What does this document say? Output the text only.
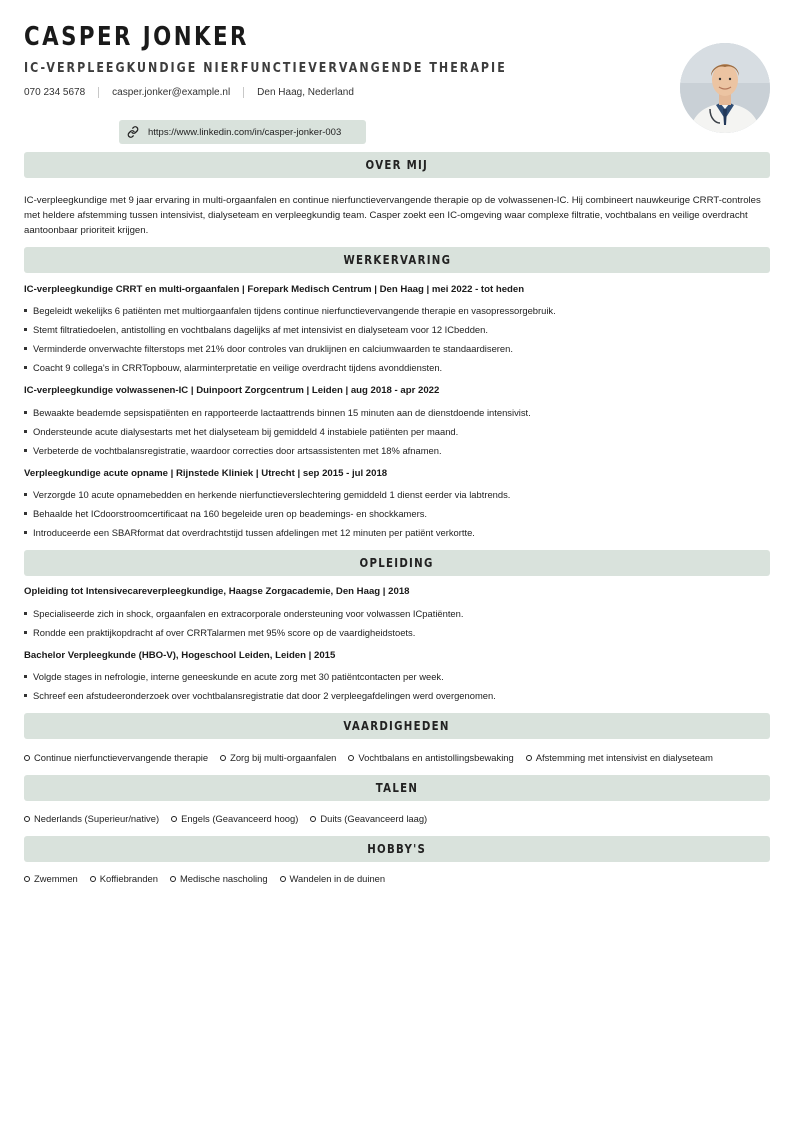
CASPER JONKER
IC-VERPLEEGKUNDIGE NIERFUNCTIEVERVANGENDE THERAPIE
070 234 5678	casper.jonker@example.nl	Den Haag, Nederland
https://www.linkedin.com/in/casper-jonker-003
OVER MIJ
IC-verpleegkundige met 9 jaar ervaring in multi-orgaanfalen en continue nierfunctievervangende therapie op de volwassenen-IC. Hij combineert nauwkeurige CRRT-controles met heldere afstemming tussen intensivist, dialyseteam en verpleegkundig team. Casper zoekt een IC-omgeving waar complexe filtratie, vochtbalans en veilige overdracht aantoonbaar prioriteit krijgen.
WERKERVARING
IC-verpleegkundige CRRT en multi-orgaanfalen | Forepark Medisch Centrum | Den Haag | mei 2022 - tot heden
Begeleidt wekelijks 6 patiënten met multiorgaanfalen tijdens continue nierfunctievervangende therapie en vasopressorgebruik.
Stemt filtratiedoelen, antistolling en vochtbalans dagelijks af met intensivist en dialyseteam voor 12 ICbedden.
Verminderde onverwachte filterstops met 21% door controles van druklijnen en calciumwaarden te standaardiseren.
Coacht 9 collega's in CRRTopbouw, alarminterpretatie en veilige overdracht tijdens avonddiensten.
IC-verpleegkundige volwassenen-IC | Duinpoort Zorgcentrum | Leiden | aug 2018 - apr 2022
Bewaakte beademde sepsispatiënten en rapporteerde lactaattrends binnen 15 minuten aan de dienstdoende intensivist.
Ondersteunde acute dialysestarts met het dialyseteam bij gemiddeld 4 instabiele patiënten per maand.
Verbeterde de vochtbalansregistratie, waardoor correcties door artsassistenten met 18% afnamen.
Verpleegkundige acute opname | Rijnstede Kliniek | Utrecht | sep 2015 - jul 2018
Verzorgde 10 acute opnamebedden en herkende nierfunctieverslechtering gemiddeld 1 dienst eerder via labtrends.
Behaalde het ICdoorstroomcertificaat na 160 begeleide uren op beademings- en shockkamers.
Introduceerde een SBARformat dat overdrachtstijd tussen afdelingen met 12 minuten per patiënt verkortte.
OPLEIDING
Opleiding tot Intensivecareverpleegkundige, Haagse Zorgacademie, Den Haag | 2018
Specialiseerde zich in shock, orgaanfalen en extracorporale ondersteuning voor volwassen ICpatiënten.
Rondde een praktijkopdracht af over CRRTalarmen met 95% score op de vaardigheidstoets.
Bachelor Verpleegkunde (HBO-V), Hogeschool Leiden, Leiden | 2015
Volgde stages in nefrologie, interne geneeskunde en acute zorg met 30 patiëntcontacten per week.
Schreef een afstudeeronderzoek over vochtbalansregistratie dat door 2 verpleegafdelingen werd overgenomen.
VAARDIGHEDEN
Continue nierfunctievervangende therapie Zorg bij multi-orgaanfalen Vochtbalans en antistollingsbewaking Afstemming met intensivist en dialyseteam
TALEN
Nederlands (Superieur/native) Engels (Geavanceerd hoog) Duits (Geavanceerd laag)
HOBBY'S
Zwemmen Koffiebranden Medische nascholing Wandelen in de duinen
